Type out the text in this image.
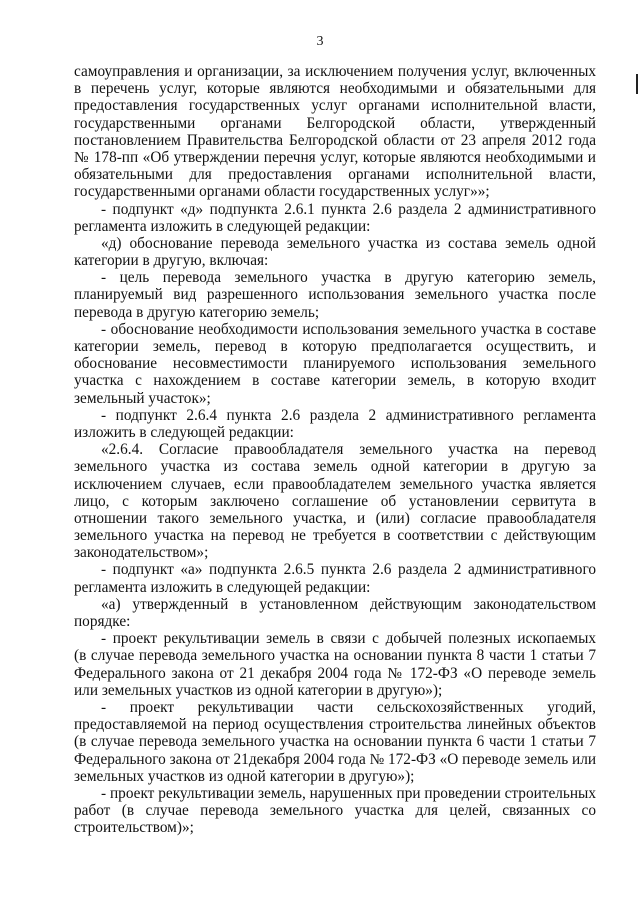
3
самоуправления и организации, за исключением получения услуг, включенных
в перечень услуг, которые являются необходимыми и обязательными для
предоставления государственных услуг органами исполнительной власти,
государственными органами Белгородской области, утвержденный
постановлением Правительства Белгородской области от 23 апреля 2012 года
№ 178-пп «Об утверждении перечня услуг, которые являются необходимыми и
обязательными для предоставления органами исполнительной власти,
государственными органами области государственных услуг»»;
- подпункт «д» подпункта 2.6.1 пункта 2.6 раздела 2 административного
регламента изложить в следующей редакции:
«д) обоснование перевода земельного участка из состава земель одной
категории в другую, включая:
- цель перевода земельного участка в другую категорию земель,
планируемый вид разрешенного использования земельного участка после
перевода в другую категорию земель;
- обоснование необходимости использования земельного участка в составе
категории земель, перевод в которую предполагается осуществить, и
обоснование несовместимости планируемого использования земельного
участка с нахождением в составе категории земель, в которую входит
земельный участок»;
- подпункт 2.6.4 пункта 2.6 раздела 2 административного регламента
изложить в следующей редакции:
«2.6.4. Согласие правообладателя земельного участка на перевод
земельного участка из состава земель одной категории в другую за
исключением случаев, если правообладателем земельного участка является
лицо, с которым заключено соглашение об установлении сервитута в
отношении такого земельного участка, и (или) согласие правообладателя
земельного участка на перевод не требуется в соответствии с действующим
законодательством»;
- подпункт «а» подпункта 2.6.5 пункта 2.6 раздела 2 административного
регламента изложить в следующей редакции:
«а) утвержденный в установленном действующим законодательством
порядке:
- проект рекультивации земель в связи с добычей полезных ископаемых
(в случае перевода земельного участка на основании пункта 8 части 1 статьи 7
Федерального закона от 21 декабря 2004 года № 172-ФЗ «О переводе земель
или земельных участков из одной категории в другую»);
- проект рекультивации части сельскохозяйственных угодий,
предоставляемой на период осуществления строительства линейных объектов
(в случае перевода земельного участка на основании пункта 6 части 1 статьи 7
Федерального закона от 21декабря 2004 года № 172-ФЗ «О переводе земель или
земельных участков из одной категории в другую»);
- проект рекультивации земель, нарушенных при проведении строительных
работ (в случае перевода земельного участка для целей, связанных со
строительством)»;
